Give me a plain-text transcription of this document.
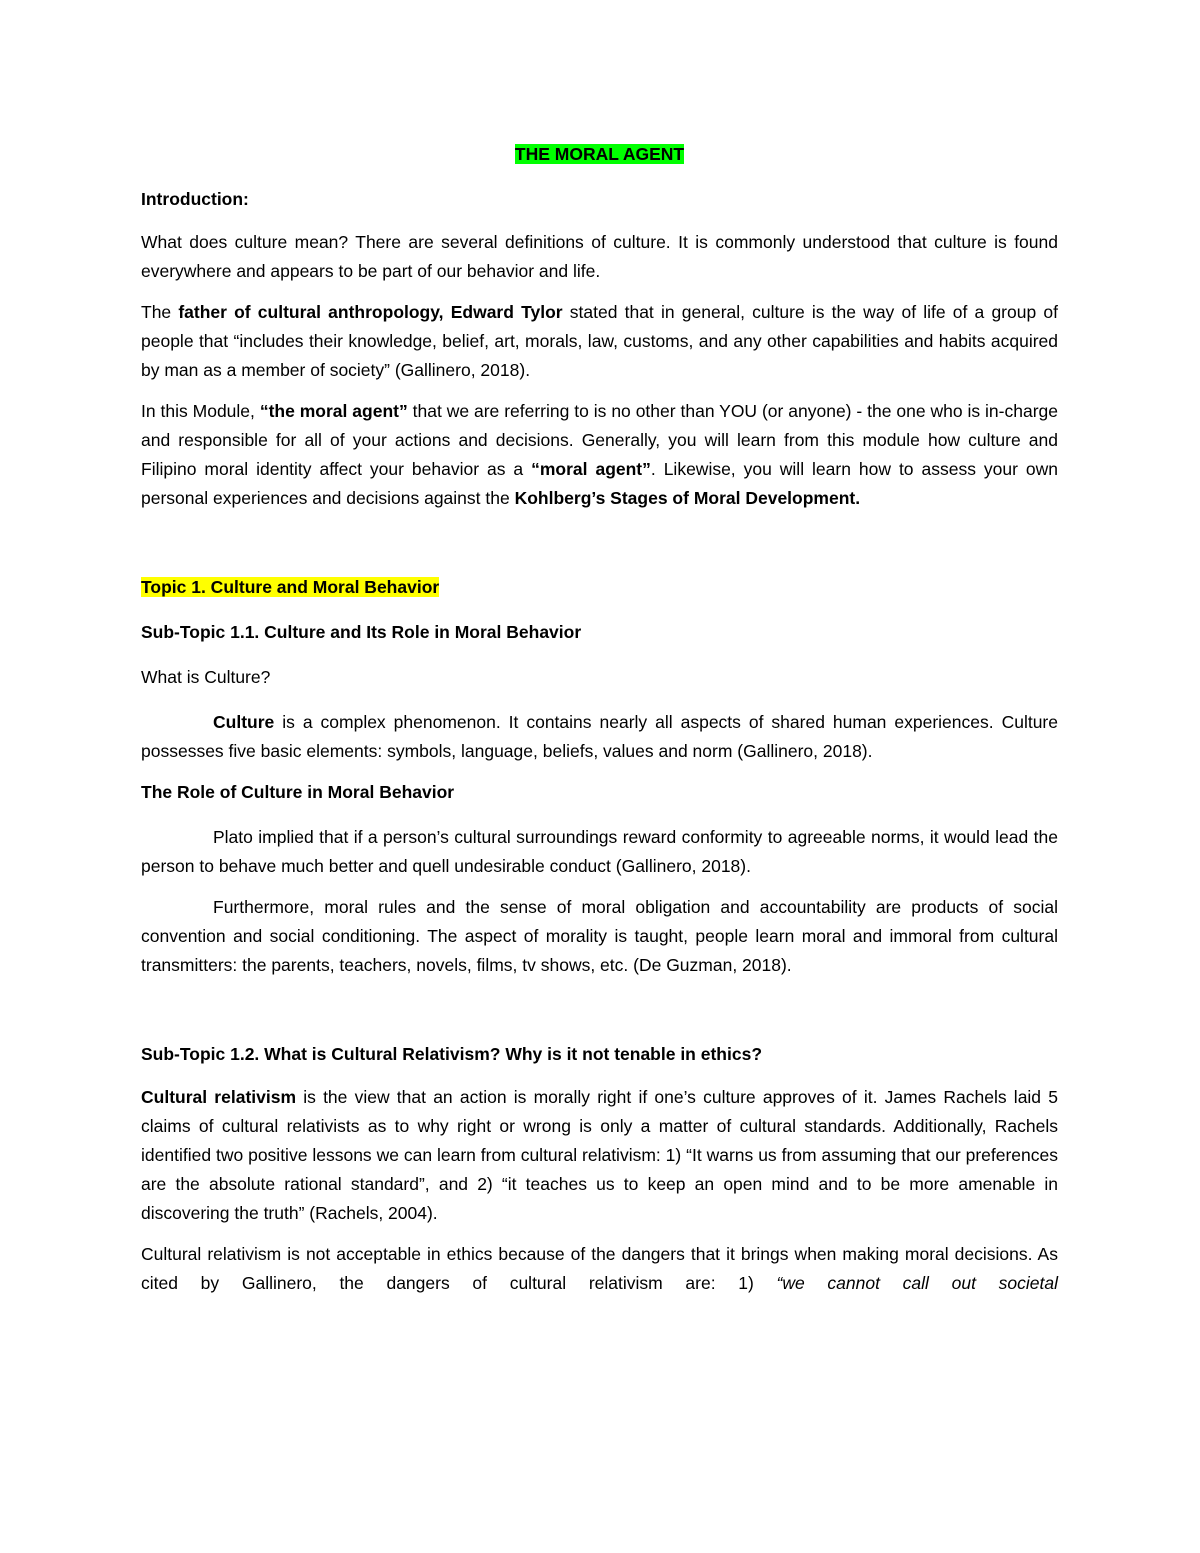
THE MORAL AGENT

Introduction:

What does culture mean? There are several definitions of culture. It is commonly understood that culture is found everywhere and appears to be part of our behavior and life.

The father of cultural anthropology, Edward Tylor stated that in general, culture is the way of life of a group of people that “includes their knowledge, belief, art, morals, law, customs, and any other capabilities and habits acquired by man as a member of society” (Gallinero, 2018).

In this Module, “the moral agent” that we are referring to is no other than YOU (or anyone) - the one who is in-charge and responsible for all of your actions and decisions. Generally, you will learn from this module how culture and Filipino moral identity affect your behavior as a “moral agent”. Likewise, you will learn how to assess your own personal experiences and decisions against the Kohlberg’s Stages of Moral Development.

Topic 1. Culture and Moral Behavior

Sub-Topic 1.1. Culture and Its Role in Moral Behavior

What is Culture?

Culture is a complex phenomenon. It contains nearly all aspects of shared human experiences. Culture possesses five basic elements: symbols, language, beliefs, values and norm (Gallinero, 2018).

The Role of Culture in Moral Behavior

Plato implied that if a person’s cultural surroundings reward conformity to agreeable norms, it would lead the person to behave much better and quell undesirable conduct (Gallinero, 2018).

Furthermore, moral rules and the sense of moral obligation and accountability are products of social convention and social conditioning. The aspect of morality is taught, people learn moral and immoral from cultural transmitters: the parents, teachers, novels, films, tv shows, etc. (De Guzman, 2018).

Sub-Topic 1.2. What is Cultural Relativism? Why is it not tenable in ethics?

Cultural relativism is the view that an action is morally right if one’s culture approves of it. James Rachels laid 5 claims of cultural relativists as to why right or wrong is only a matter of cultural standards. Additionally, Rachels identified two positive lessons we can learn from cultural relativism: 1) “It warns us from assuming that our preferences are the absolute rational standard”, and 2) “it teaches us to keep an open mind and to be more amenable in discovering the truth” (Rachels, 2004).

Cultural relativism is not acceptable in ethics because of the dangers that it brings when making moral decisions. As cited by Gallinero, the dangers of cultural relativism are: 1) “we cannot call out societal
